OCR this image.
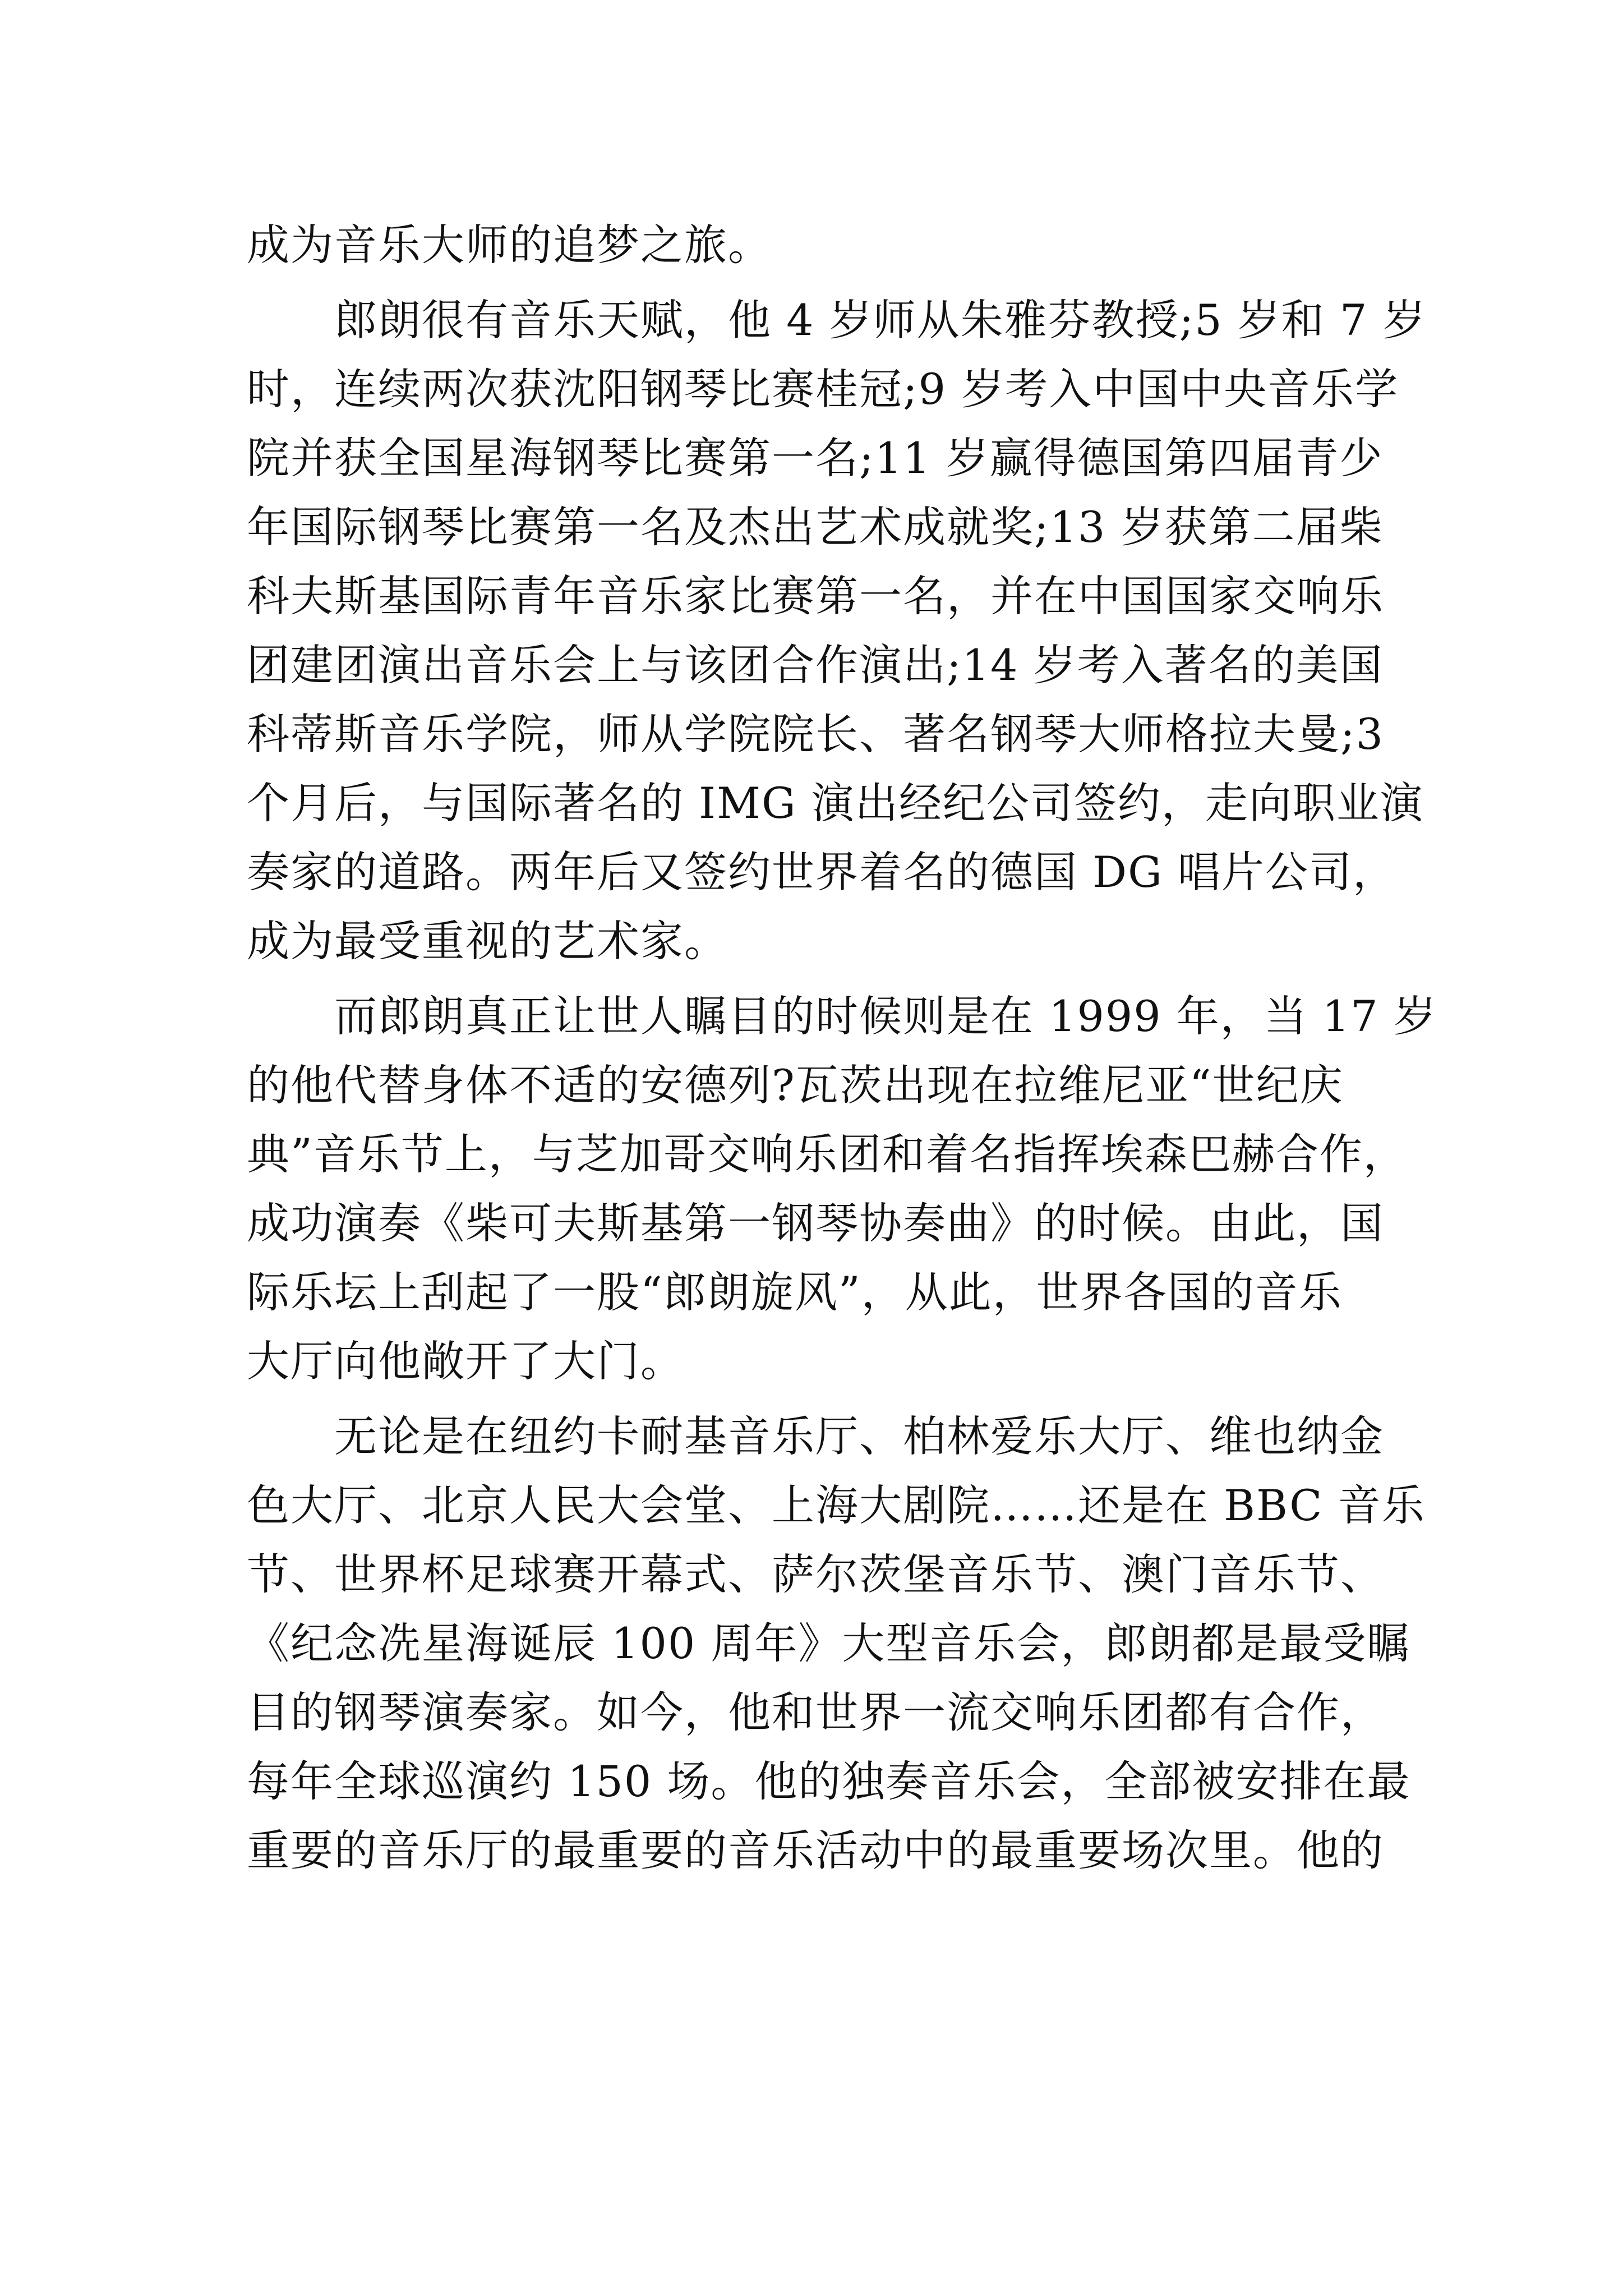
成为音乐大师的追梦之旅。
　　郎朗很有音乐天赋，他 4 岁师从朱雅芬教授;5 岁和 7 岁
时，连续两次获沈阳钢琴比赛桂冠;9 岁考入中国中央音乐学
院并获全国星海钢琴比赛第一名;11 岁赢得德国第四届青少
年国际钢琴比赛第一名及杰出艺术成就奖;13 岁获第二届柴
科夫斯基国际青年音乐家比赛第一名，并在中国国家交响乐
团建团演出音乐会上与该团合作演出;14 岁考入著名的美国
科蒂斯音乐学院，师从学院院长、著名钢琴大师格拉夫曼;3
个月后，与国际著名的 IMG 演出经纪公司签约，走向职业演
奏家的道路。两年后又签约世界着名的德国 DG 唱片公司，
成为最受重视的艺术家。
　　而郎朗真正让世人瞩目的时候则是在 1999 年，当 17 岁
的他代替身体不适的安德列?瓦茨出现在拉维尼亚“世纪庆
典”音乐节上，与芝加哥交响乐团和着名指挥埃森巴赫合作，
成功演奏《柴可夫斯基第一钢琴协奏曲》的时候。由此，国
际乐坛上刮起了一股“郎朗旋风”，从此，世界各国的音乐
大厅向他敞开了大门。
　　无论是在纽约卡耐基音乐厅、柏林爱乐大厅、维也纳金
色大厅、北京人民大会堂、上海大剧院……还是在 BBC 音乐
节、世界杯足球赛开幕式、萨尔茨堡音乐节、澳门音乐节、
《纪念冼星海诞辰 100 周年》大型音乐会，郎朗都是最受瞩
目的钢琴演奏家。如今，他和世界一流交响乐团都有合作，
每年全球巡演约 150 场。他的独奏音乐会，全部被安排在最
重要的音乐厅的最重要的音乐活动中的最重要场次里。他的
